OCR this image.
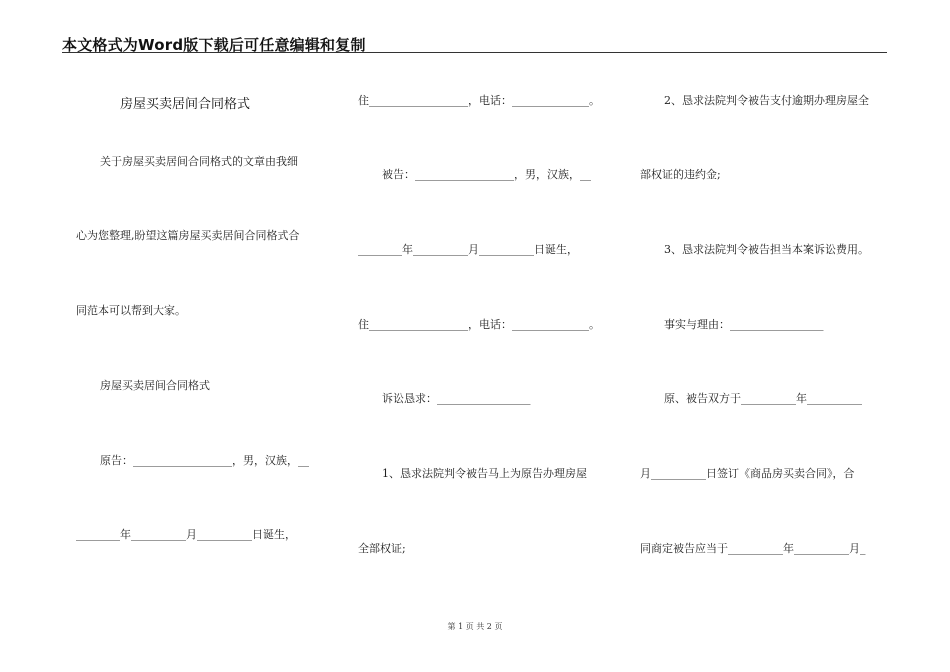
本文格式为Word版下载后可任意编辑和复制
房屋买卖居间合同格式
关于房屋买卖居间合同格式的文章由我细
心为您整理,盼望这篇房屋买卖居间合同格式合
同范本可以帮到大家。
房屋买卖居间合同格式
原告：__________________，男，汉族，__
________年__________月__________日诞生，
住__________________，电话：______________。
被告：__________________，男，汉族，__
________年__________月__________日诞生，
住__________________，电话：______________。
诉讼恳求：_________________
1、恳求法院判令被告马上为原告办理房屋
全部权证;
2、恳求法院判令被告支付逾期办理房屋全
部权证的违约金;
3、恳求法院判令被告担当本案诉讼费用。
事实与理由：_________________
原、被告双方于__________年__________
月__________日签订《商品房买卖合同》，合
同商定被告应当于__________年__________月_
第 1 页 共 2 页
